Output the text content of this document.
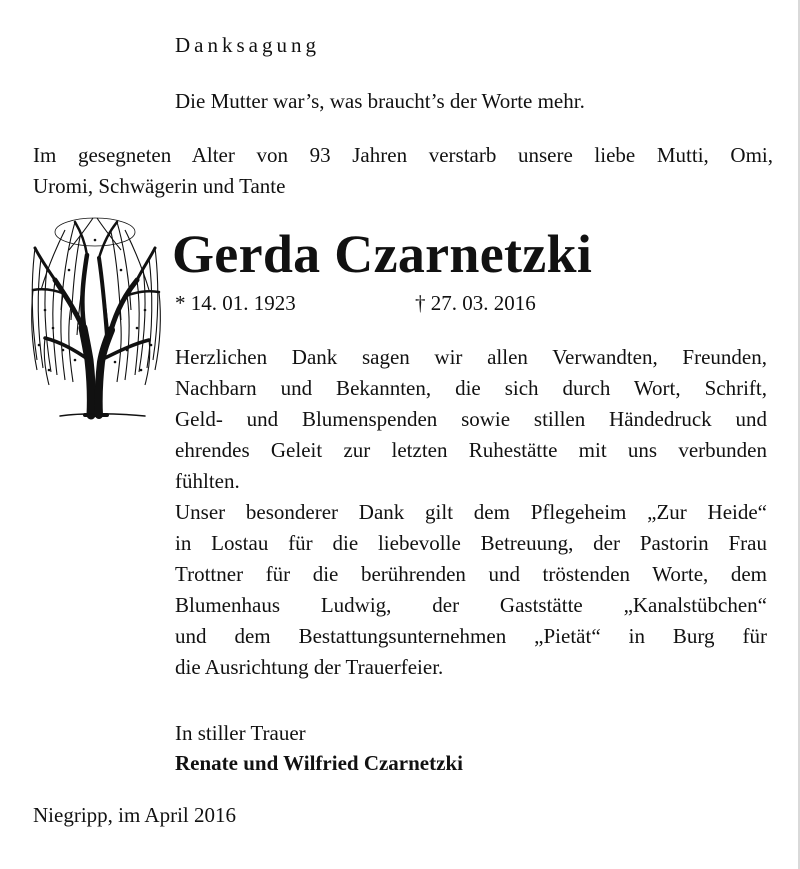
Danksagung

Die Mutter war’s, was braucht’s der Worte mehr.

Im gesegneten Alter von 93 Jahren verstarb unsere liebe Mutti, Omi,
Uromi, Schwägerin und Tante

Gerda Czarnetzki
* 14. 01. 1923	† 27. 03. 2016
Herzlichen Dank sagen wir allen Verwandten, Freunden,
Nachbarn und Bekannten, die sich durch Wort, Schrift,
Geld- und Blumenspenden sowie stillen Händedruck und
ehrendes Geleit zur letzten Ruhestätte mit uns verbunden
fühlten.
Unser besonderer Dank gilt dem Pflegeheim „Zur Heide“
in Lostau für die liebevolle Betreuung, der Pastorin Frau
Trottner für die berührenden und tröstenden Worte, dem
Blumenhaus Ludwig, der Gaststätte „Kanalstübchen“
und dem Bestattungsunternehmen „Pietät“ in Burg für
die Ausrichtung der Trauerfeier.

In stiller Trauer

Renate und Wilfried Czarnetzki

Niegripp, im April 2016
